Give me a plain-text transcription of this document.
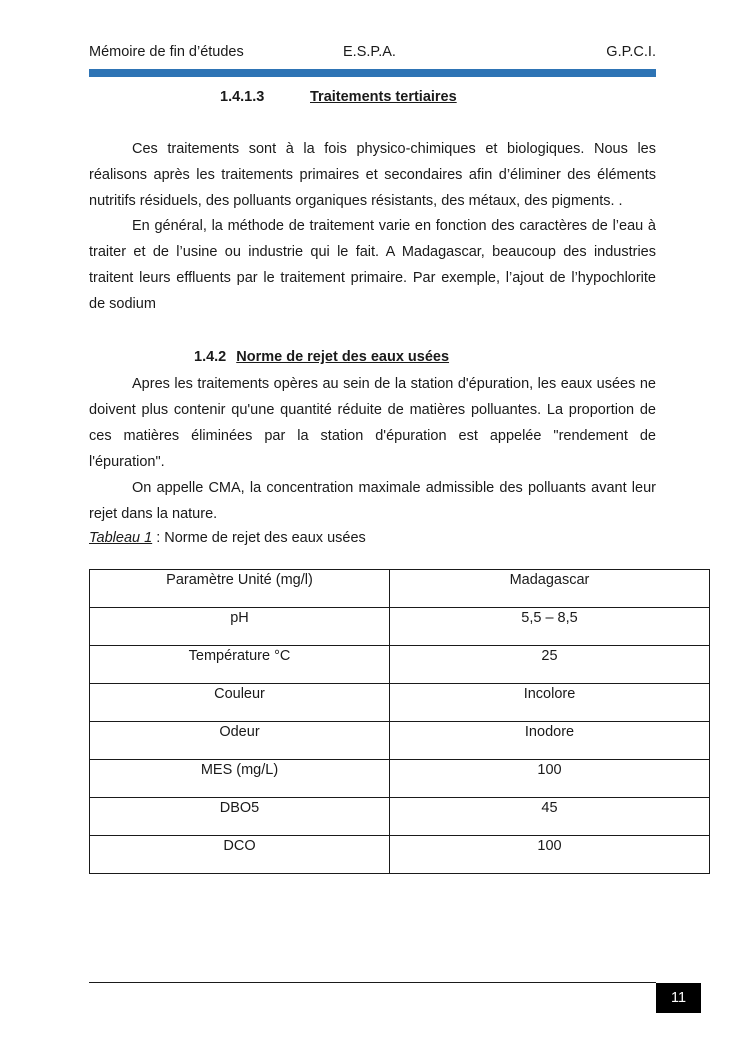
Mémoire de fin d’études	E.S.P.A.	G.P.C.I.
1.4.1.3	Traitements tertiaires

Ces traitements sont à la fois physico-chimiques et biologiques. Nous les réalisons après les traitements primaires et secondaires afin d’éliminer des éléments nutritifs résiduels, des polluants organiques résistants, des métaux, des pigments. .

En général, la méthode de traitement varie en fonction des caractères de l’eau à traiter et de l’usine ou industrie qui le fait. A Madagascar, beaucoup des industries traitent leurs effluents par le traitement primaire. Par exemple, l’ajout de l’hypochlorite de sodium

1.4.2 Norme de rejet des eaux usées

Apres les traitements opères au sein de la station d'épuration, les eaux usées ne doivent plus contenir qu'une quantité réduite de matières polluantes. La proportion de ces matières éliminées par la station d'épuration est appelée "rendement de l'épuration".

On appelle CMA, la concentration maximale admissible des polluants avant leur rejet dans la nature.

Tableau 1 : Norme de rejet des eaux usées
Paramètre Unité (mg/l)	Madagascar
pH	5,5 – 8,5
Température °C	25
Couleur	Incolore
Odeur	Inodore
MES (mg/L)	100
DBO5	45
DCO	100
11
